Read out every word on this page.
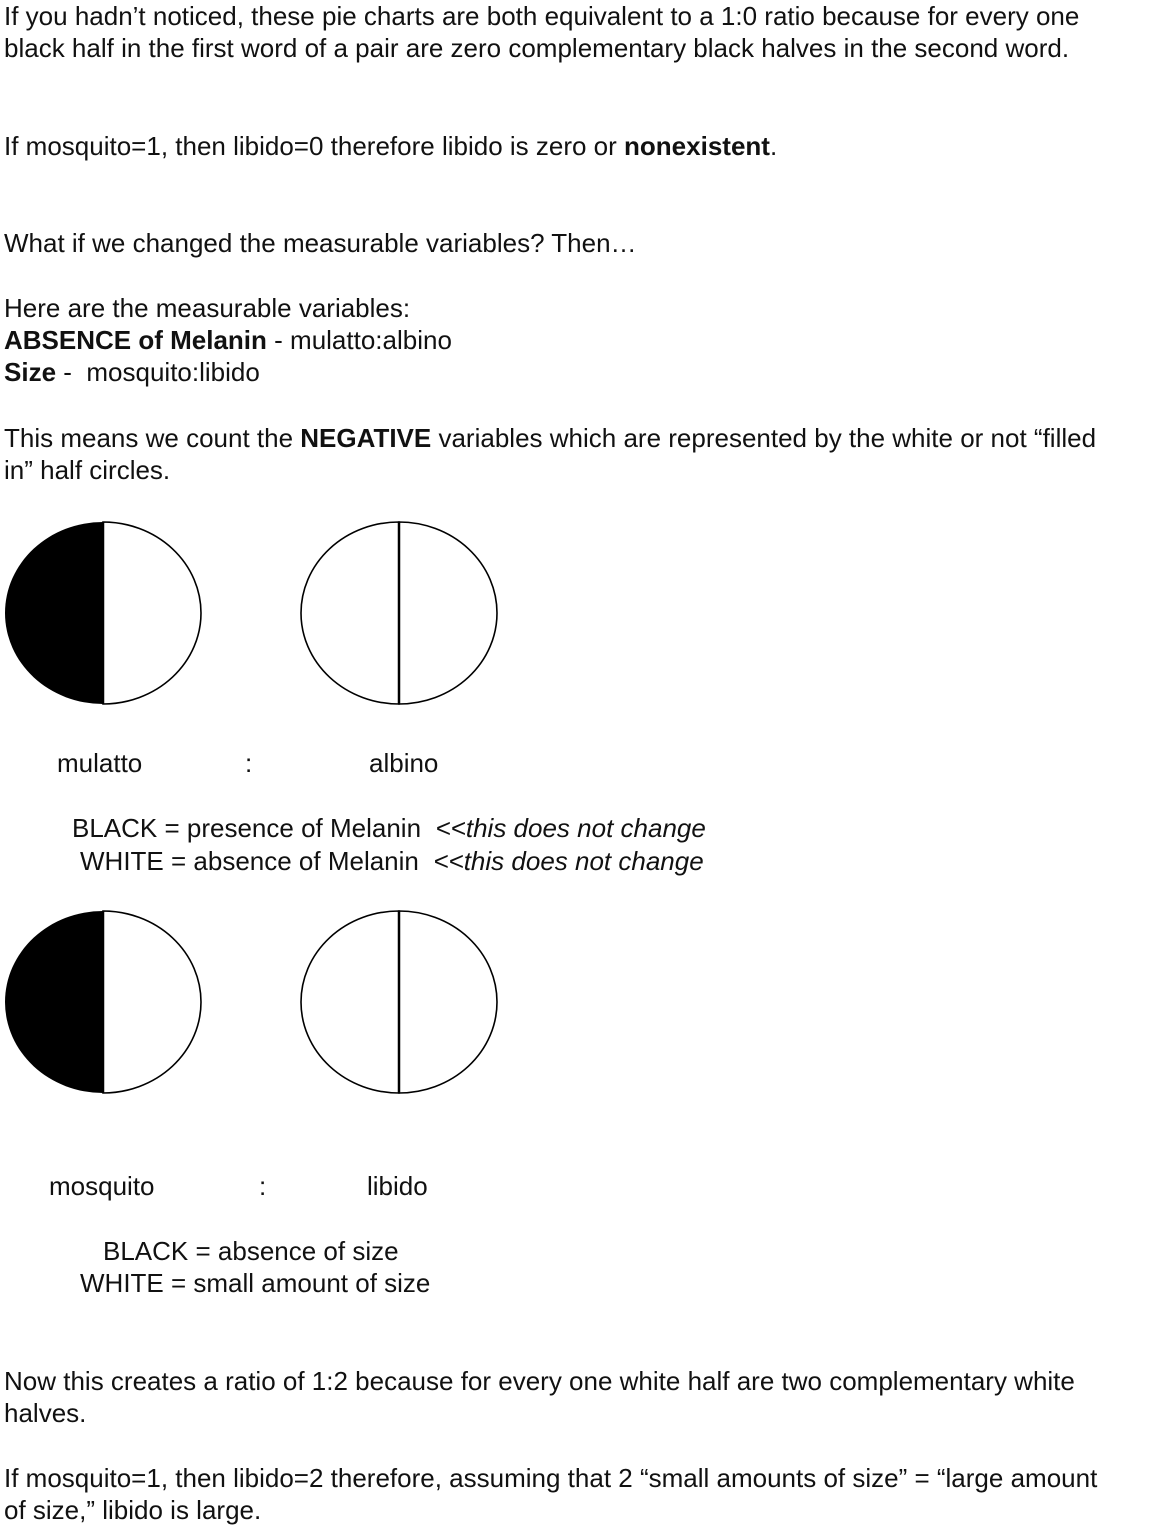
If you hadn’t noticed, these pie charts are both equivalent to a 1:0 ratio because for every one

black half in the first word of a pair are zero complementary black halves in the second word.

If mosquito=1, then libido=0 therefore libido is zero or nonexistent.

What if we changed the measurable variables? Then…

Here are the measurable variables:

ABSENCE of Melanin - mulatto:albino

Size -  mosquito:libido

This means we count the NEGATIVE variables which are represented by the white or not “filled

in” half circles.

mulatto	:	albino

BLACK = presence of Melanin <<this does not change

WHITE = absence of Melanin <<this does not change

mosquito	:	libido

BLACK = absence of size

WHITE = small amount of size

Now this creates a ratio of 1:2 because for every one white half are two complementary white

halves.

If mosquito=1, then libido=2 therefore, assuming that 2 “small amounts of size” = “large amount

of size,” libido is large.
